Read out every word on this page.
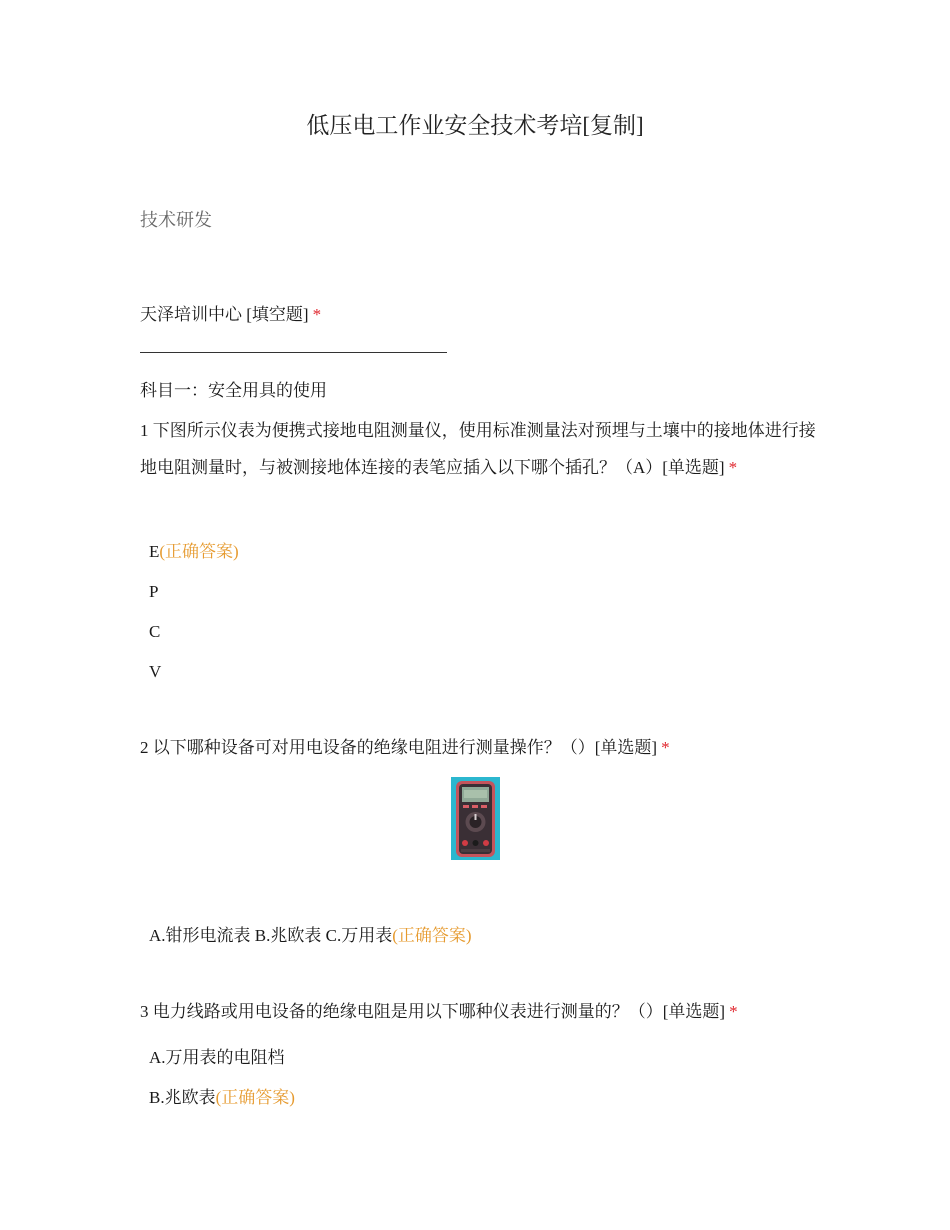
低压电工作业安全技术考培[复制]
技术研发
天泽培训中心 [填空题] *
科目一：安全用具的使用
1 下图所示仪表为便携式接地电阻测量仪，使用标准测量法对预埋与土壤中的接地体进行接地电阻测量时，与被测接地体连接的表笔应插入以下哪个插孔？（A）[单选题] *
E(正确答案)
P
C
V
2 以下哪种设备可对用电设备的绝缘电阻进行测量操作？（）[单选题] *
A.钳形电流表 B.兆欧表 C.万用表(正确答案)
3 电力线路或用电设备的绝缘电阻是用以下哪种仪表进行测量的？（）[单选题] *
A.万用表的电阻档
B.兆欧表(正确答案)
